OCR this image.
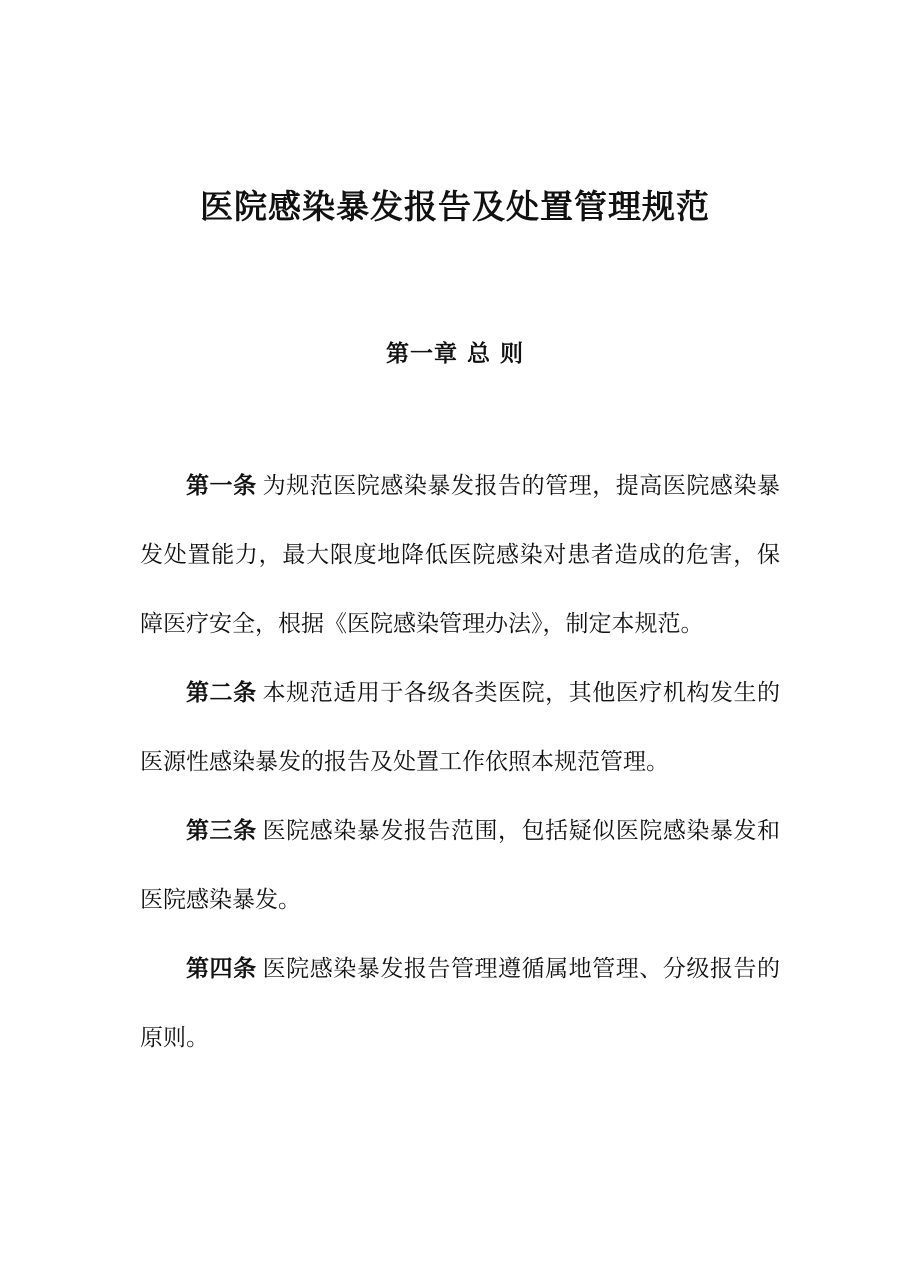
医院感染暴发报告及处置管理规范
第一章 总 则

第一条 为规范医院感染暴发报告的管理，提高医院感染暴发处置能力，最大限度地降低医院感染对患者造成的危害，保障医疗安全，根据《医院感染管理办法》，制定本规范。

第二条 本规范适用于各级各类医院，其他医疗机构发生的医源性感染暴发的报告及处置工作依照本规范管理。

第三条 医院感染暴发报告范围，包括疑似医院感染暴发和医院感染暴发。

第四条 医院感染暴发报告管理遵循属地管理、分级报告的原则。
